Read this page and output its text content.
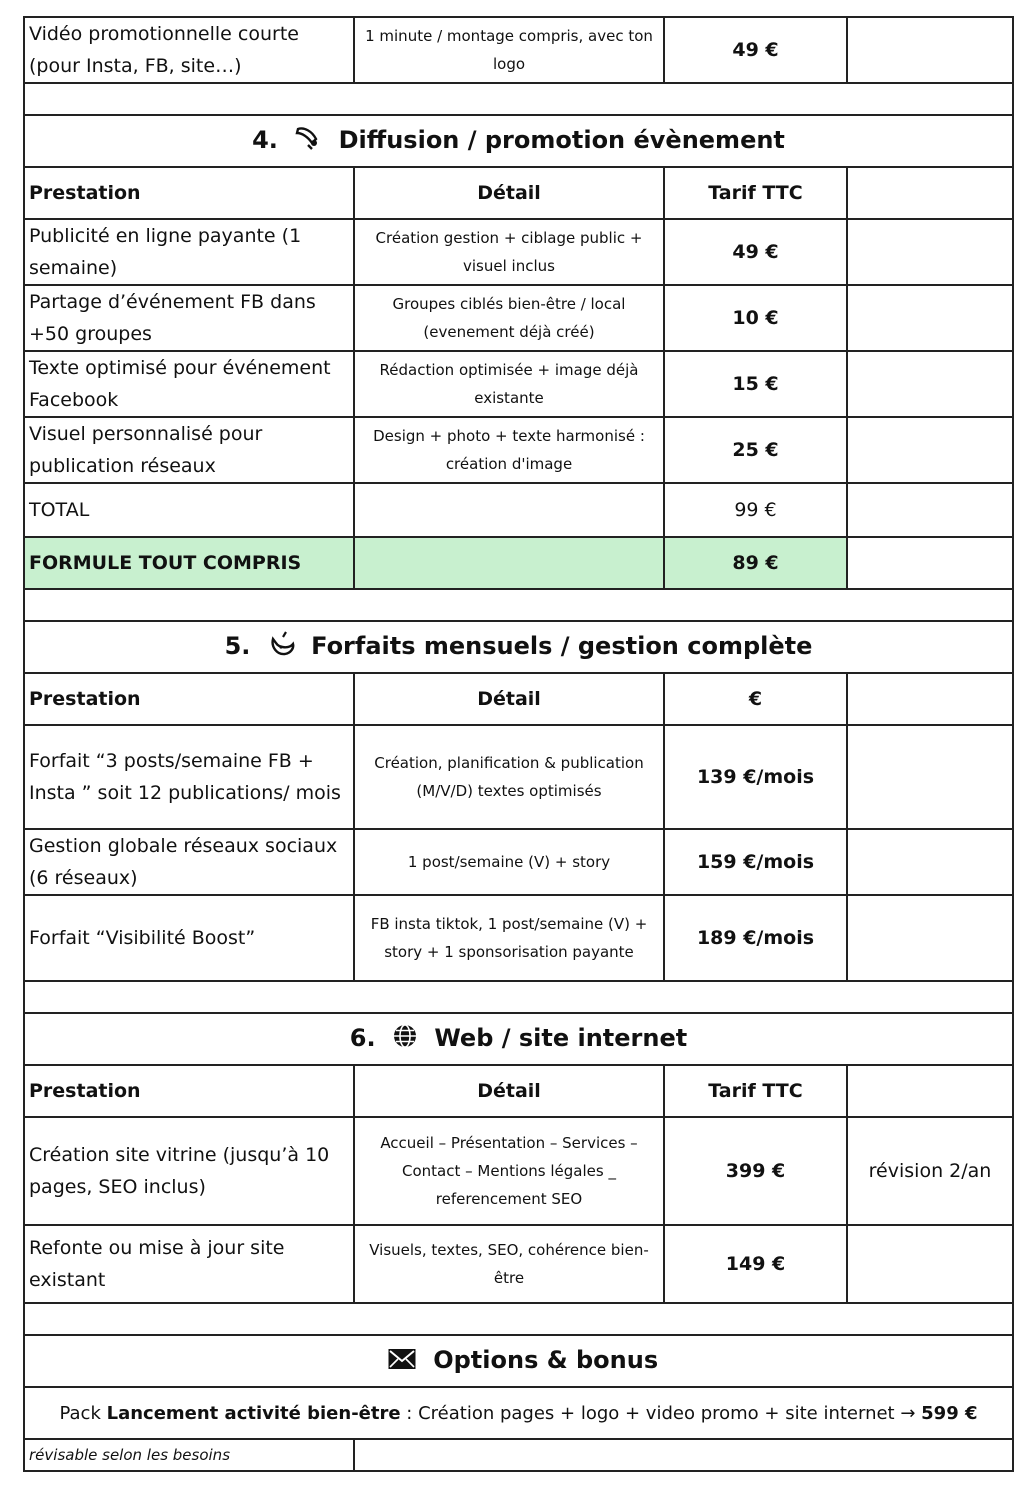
Vidéo promotionnelle courte (pour Insta, FB, site…)	1 minute / montage compris, avec ton logo	49 €	

4. Diffusion / promotion évènement			
Prestation	Détail	Tarif TTC	
Publicité en ligne payante (1 semaine)	Création gestion + ciblage public + visuel inclus	49 €	
Partage d’événement FB dans +50 groupes	Groupes ciblés bien-être / local (evenement déjà créé)	10 €	
Texte optimisé pour événement Facebook	Rédaction optimisée + image déjà existante	15 €	
Visuel personnalisé pour publication réseaux	Design + photo + texte harmonisé : création d'image	25 €	
TOTAL		99 €	
FORMULE TOUT COMPRIS		89 €	

5. Forfaits mensuels / gestion complète			
Prestation	Détail	€	
Forfait “3 posts/semaine FB + Insta ” soit 12 publications/ mois	Création, planification & publication (M/V/D) textes optimisés	139 €/mois	
Gestion globale réseaux sociaux (6 réseaux)	1 post/semaine (V) + story	159 €/mois	
Forfait “Visibilité Boost”	FB insta tiktok, 1 post/semaine (V) + story + 1 sponsorisation payante	189 €/mois	

6. Web / site internet			
Prestation	Détail	Tarif TTC	
Création site vitrine (jusqu’à 10 pages, SEO inclus)	Accueil – Présentation – Services – Contact – Mentions légales _ referencement SEO	399 €	révision 2/an
Refonte ou mise à jour site existant	Visuels, textes, SEO, cohérence bien-être	149 €	

Options & bonus			
Pack Lancement activité bien-être : Création pages + logo + video promo + site internet → 599 €			
révisable selon les besoins			
